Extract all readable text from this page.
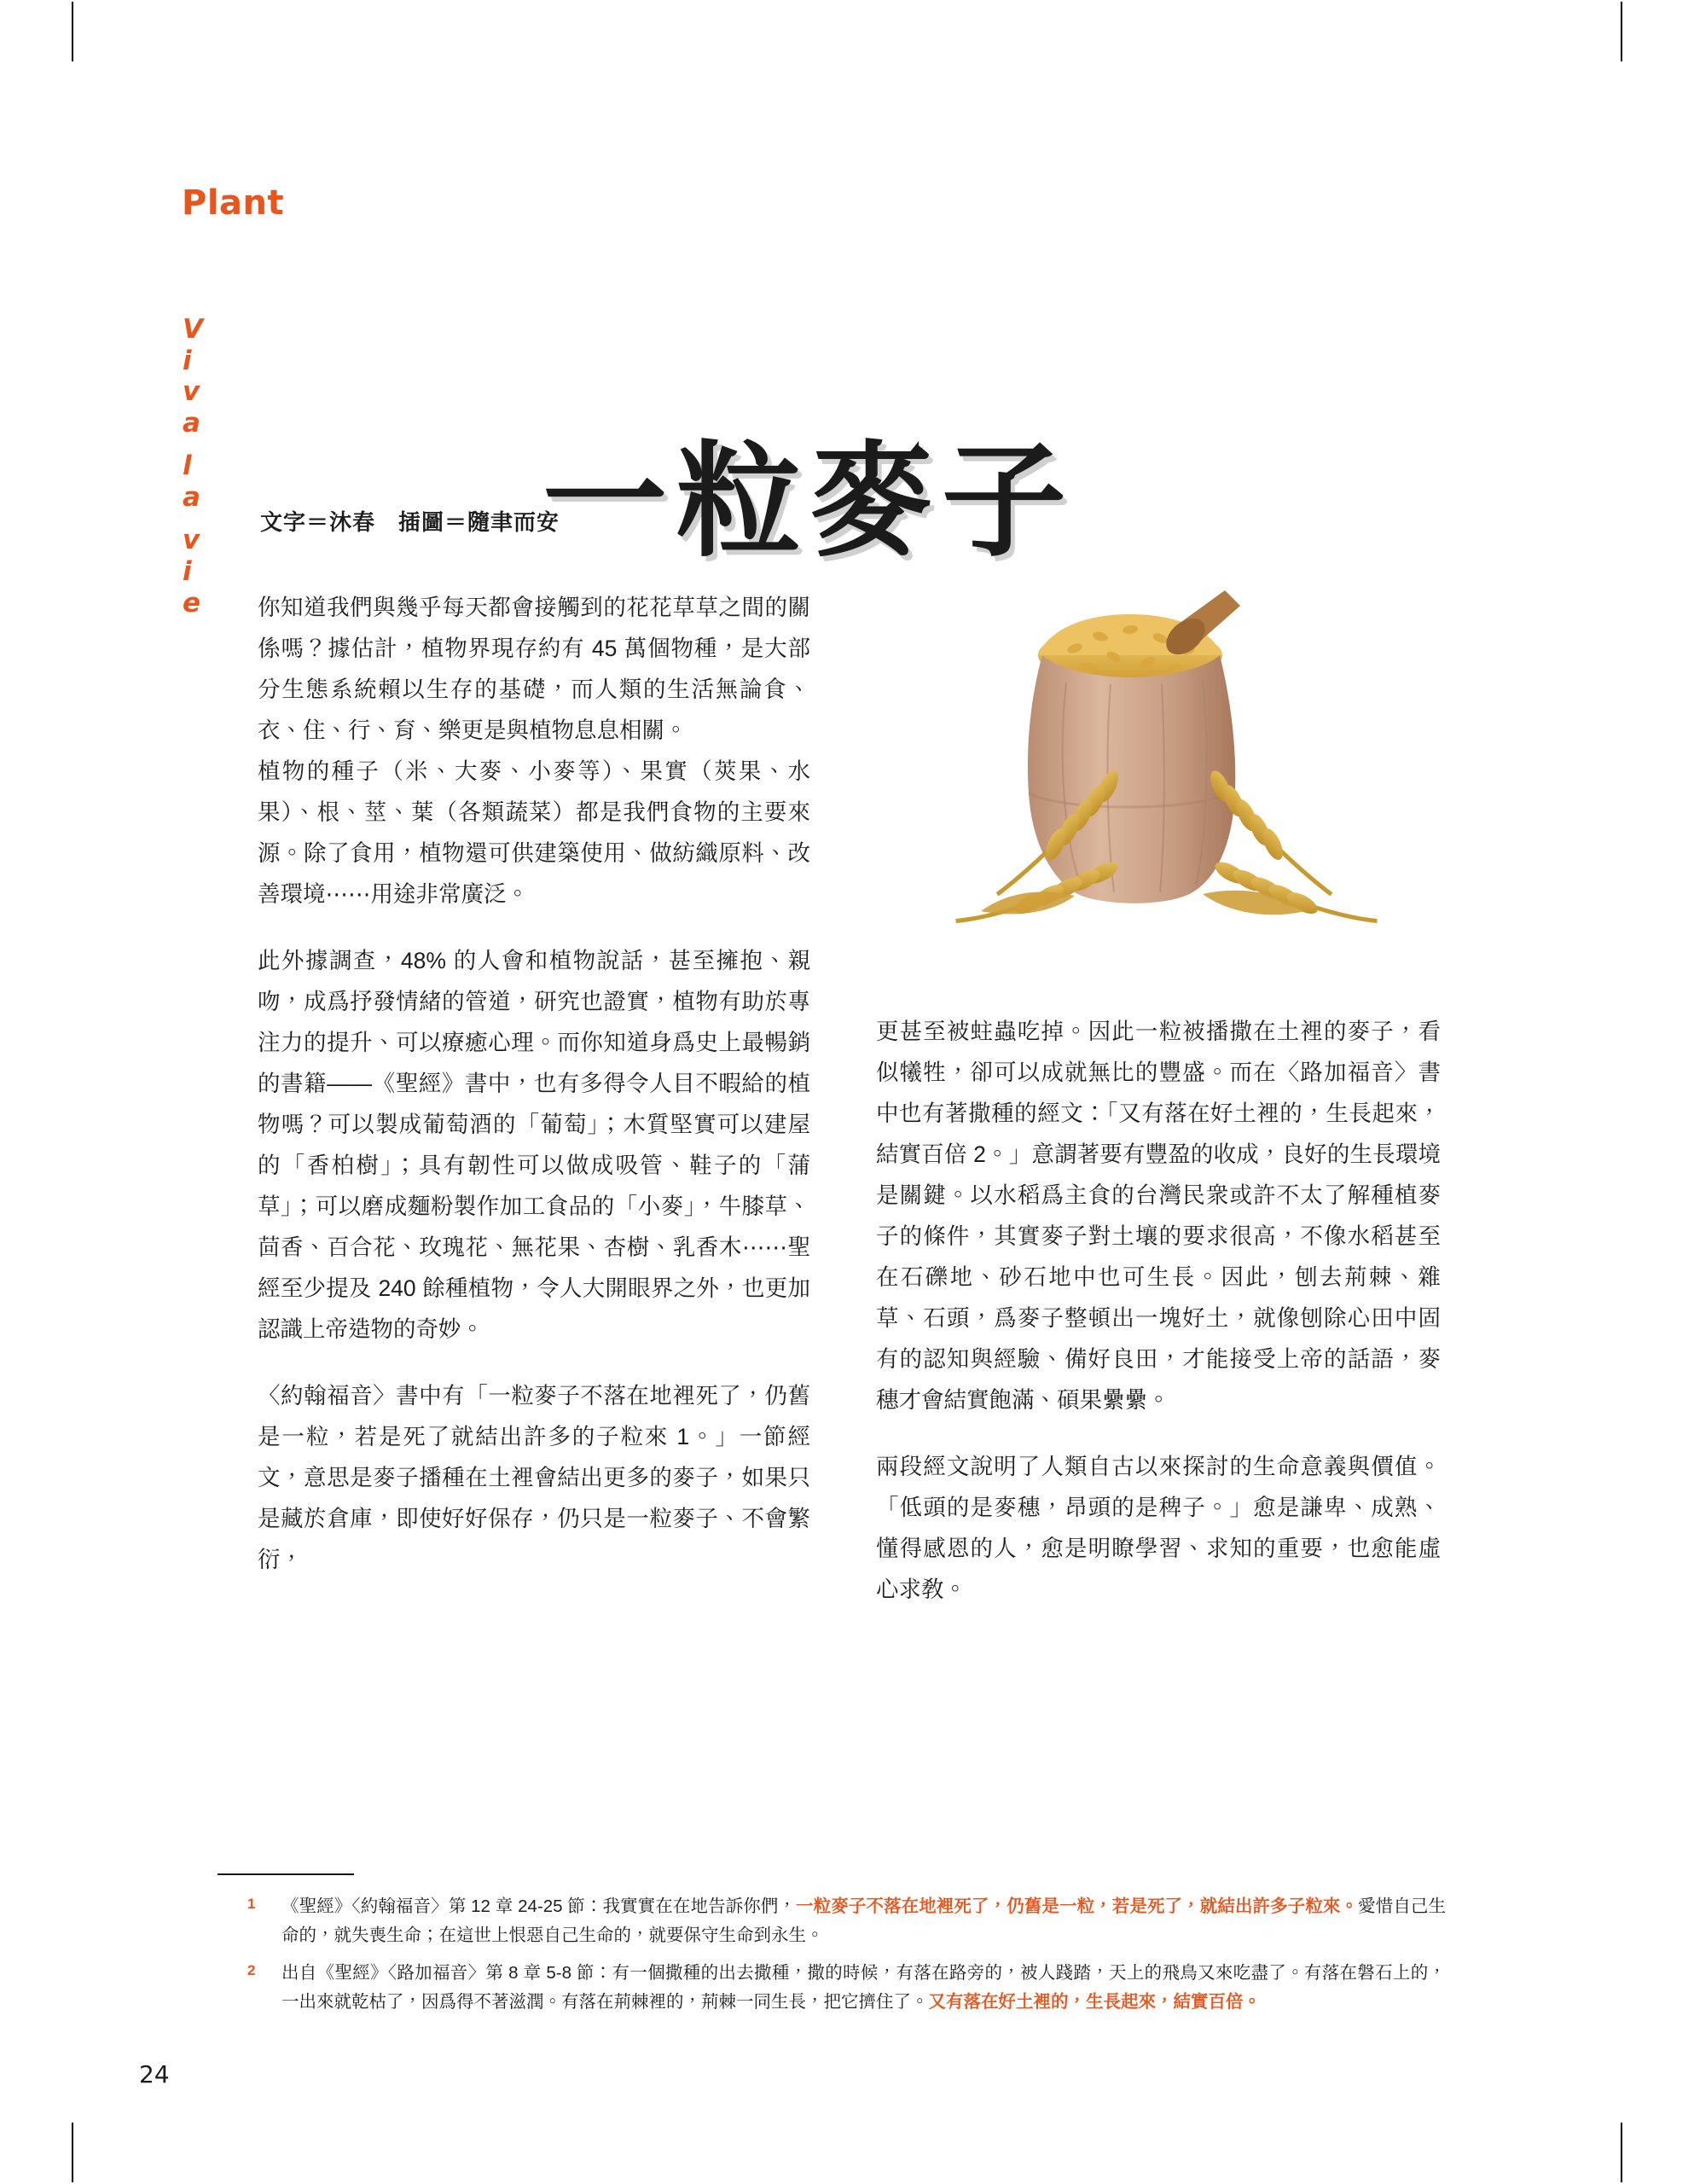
Plant
V
i
v
a
l
a
v
i
e
一粒麥子
文字＝沐春　插圖＝隨聿而安

你知道我們與幾乎每天都會接觸到的花花草草之間的關係嗎？據估計，植物界現存約有 45 萬個物種，是大部分生態系統賴以生存的基礎，而人類的生活無論食、衣、住、行、育、樂更是與植物息息相關。

植物的種子（米、大麥、小麥等）、果實（莢果、水果）、根、莖、葉（各類蔬菜）都是我們食物的主要來源。除了食用，植物還可供建築使用、做紡織原料、改善環境⋯⋯用途非常廣泛。

此外據調查，48% 的人會和植物說話，甚至擁抱、親吻，成爲抒發情緒的管道，研究也證實，植物有助於專注力的提升、可以療癒心理。而你知道身爲史上最暢銷的書籍——《聖經》書中，也有多得令人目不暇給的植物嗎？可以製成葡萄酒的「葡萄」；木質堅實可以建屋的「香柏樹」；具有韌性可以做成吸管、鞋子的「蒲草」；可以磨成麵粉製作加工食品的「小麥」，牛膝草、茴香、百合花、玫瑰花、無花果、杏樹、乳香木⋯⋯聖經至少提及 240 餘種植物，令人大開眼界之外，也更加認識上帝造物的奇妙。

〈約翰福音〉書中有「一粒麥子不落在地裡死了，仍舊是一粒，若是死了就結出許多的子粒來 1。」一節經文，意思是麥子播種在土裡會結出更多的麥子，如果只是藏於倉庫，即使好好保存，仍只是一粒麥子、不會繁衍，

更甚至被蛀蟲吃掉。因此一粒被播撒在土裡的麥子，看似犧牲，卻可以成就無比的豐盛。而在〈路加福音〉書中也有著撒種的經文：「又有落在好土裡的，生長起來，結實百倍 2。」意謂著要有豐盈的收成，良好的生長環境是關鍵。以水稻爲主食的台灣民衆或許不太了解種植麥子的條件，其實麥子對土壤的要求很高，不像水稻甚至在石礫地、砂石地中也可生長。因此，刨去荊棘、雜草、石頭，爲麥子整頓出一塊好土，就像刨除心田中固有的認知與經驗、備好良田，才能接受上帝的話語，麥穗才會結實飽滿、碩果纍纍。

兩段經文說明了人類自古以來探討的生命意義與價值。「低頭的是麥穗，昂頭的是稗子。」愈是謙卑、成熟、懂得感恩的人，愈是明瞭學習、求知的重要，也愈能虛心求敎。

1 《聖經》〈約翰福音〉第 12 章 24-25 節：我實實在在地告訴你們，一粒麥子不落在地裡死了，仍舊是一粒，若是死了，就結出許多子粒來。愛惜自己生命的，就失喪生命；在這世上恨惡自己生命的，就要保守生命到永生。
2 出自《聖經》〈路加福音〉第 8 章 5-8 節：有一個撒種的出去撒種，撒的時候，有落在路旁的，被人踐踏，天上的飛鳥又來吃盡了。有落在磐石上的，一出來就乾枯了，因爲得不著滋潤。有落在荊棘裡的，荊棘一同生長，把它擠住了。又有落在好土裡的，生長起來，結實百倍。
24
